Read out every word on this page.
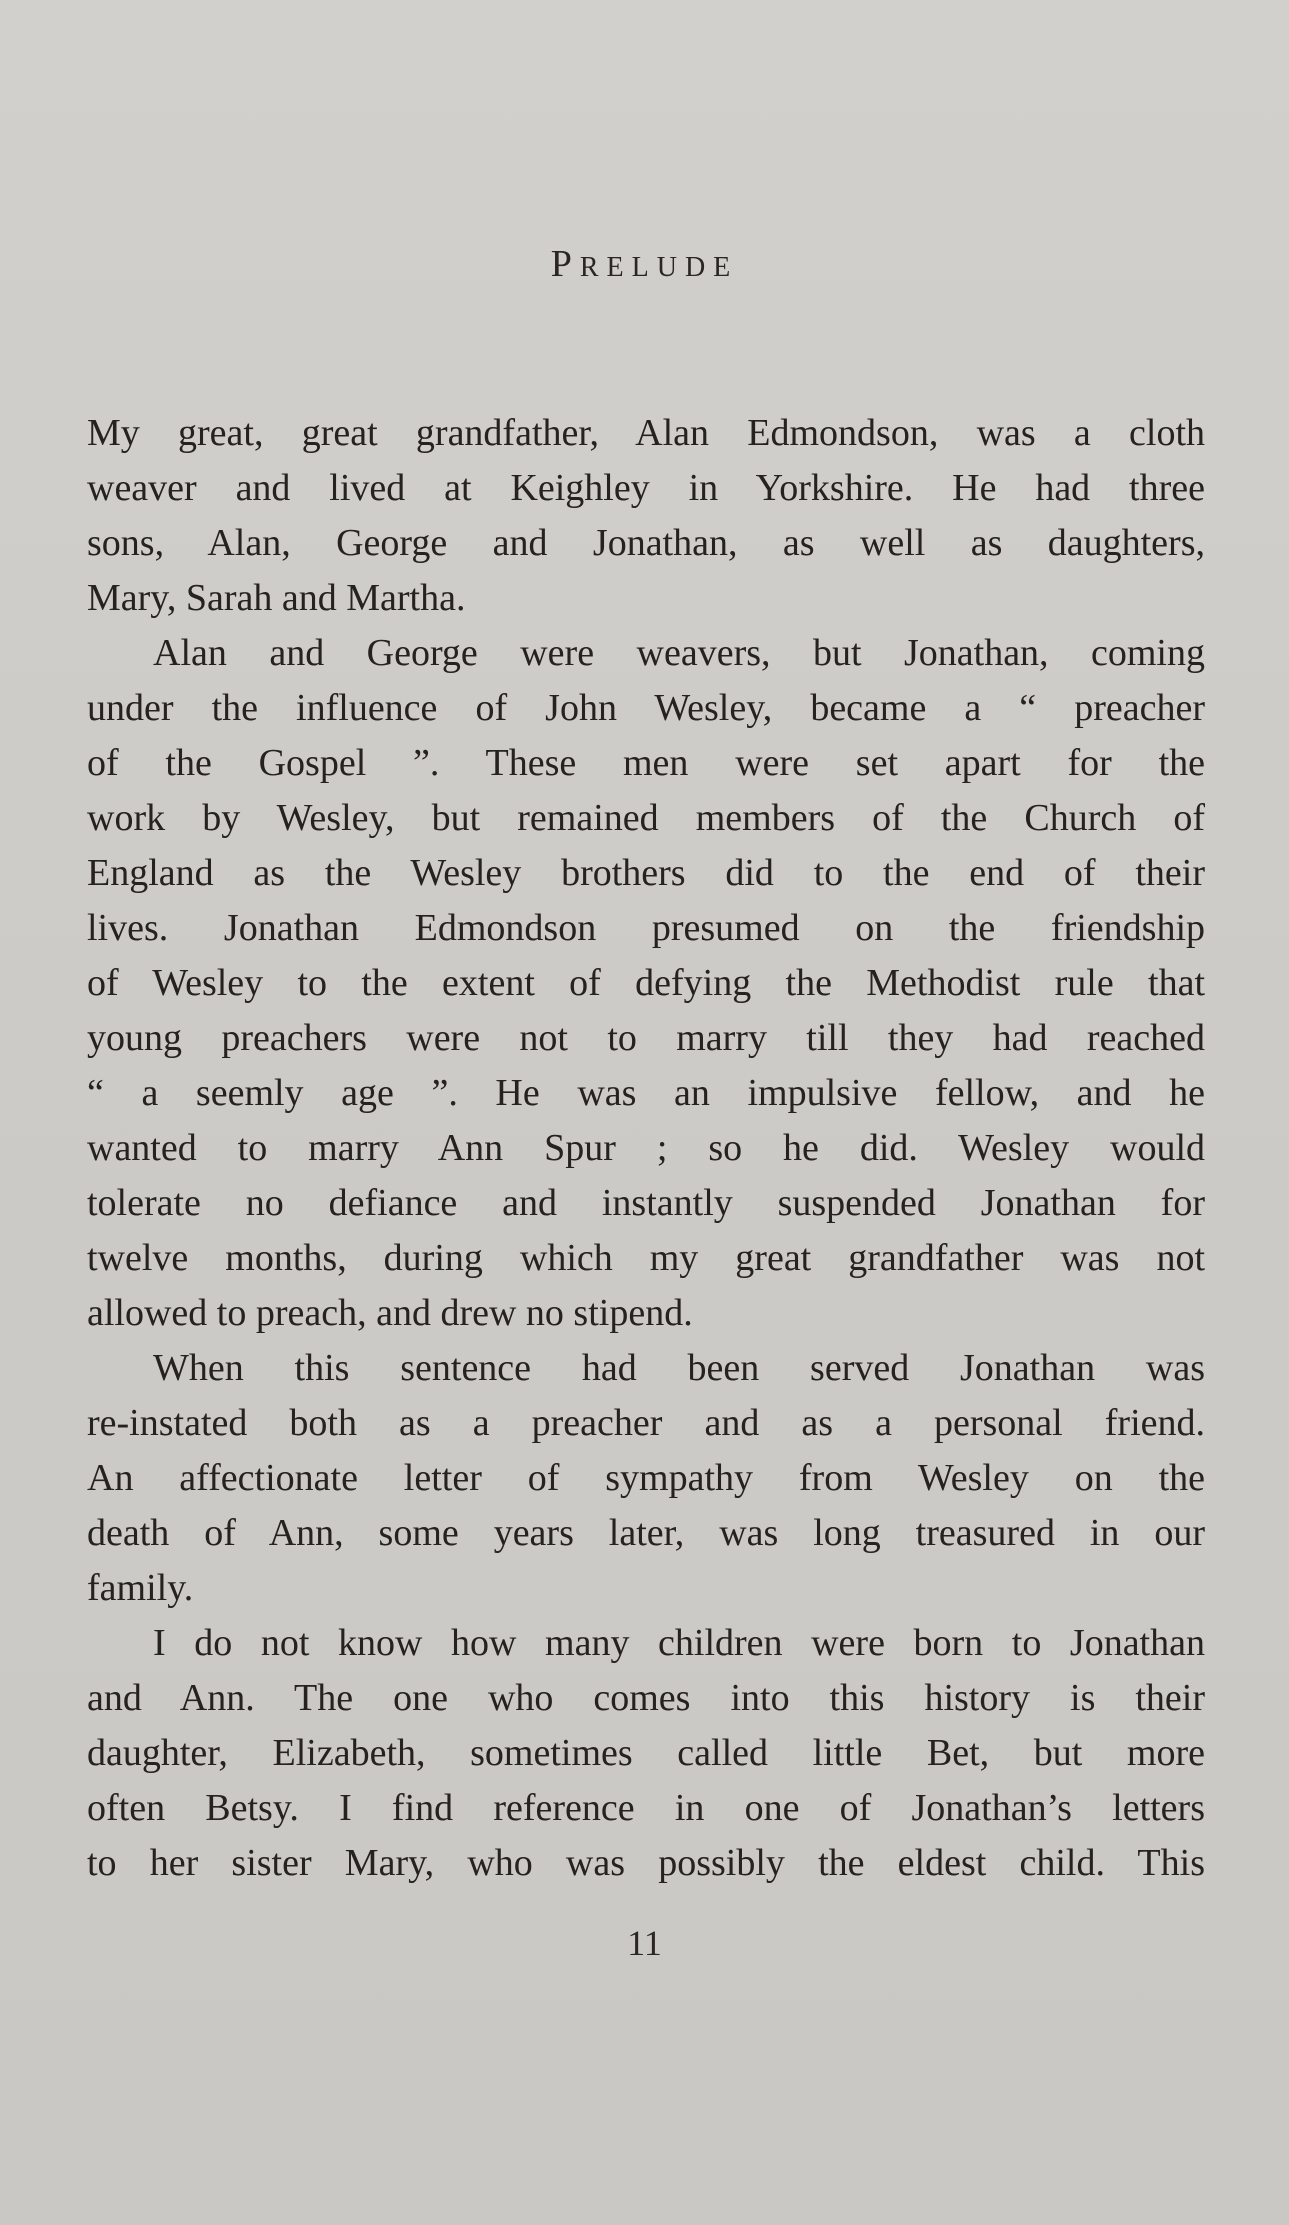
PRELUDE
My great, great grandfather, Alan Edmondson, was a cloth
weaver and lived at Keighley in Yorkshire. He had three
sons, Alan, George and Jonathan, as well as daughters,
Mary, Sarah and Martha.
Alan and George were weavers, but Jonathan, coming
under the influence of John Wesley, became a “ preacher
of the Gospel ”. These men were set apart for the
work by Wesley, but remained members of the Church of
England as the Wesley brothers did to the end of their
lives. Jonathan Edmondson presumed on the friendship
of Wesley to the extent of defying the Methodist rule that
young preachers were not to marry till they had reached
“ a seemly age ”. He was an impulsive fellow, and he
wanted to marry Ann Spur ; so he did. Wesley would
tolerate no defiance and instantly suspended Jonathan for
twelve months, during which my great grandfather was not
allowed to preach, and drew no stipend.
When this sentence had been served Jonathan was
re-instated both as a preacher and as a personal friend.
An affectionate letter of sympathy from Wesley on the
death of Ann, some years later, was long treasured in our
family.
I do not know how many children were born to Jonathan
and Ann. The one who comes into this history is their
daughter, Elizabeth, sometimes called little Bet, but more
often Betsy. I find reference in one of Jonathan’s letters
to her sister Mary, who was possibly the eldest child. This
11
